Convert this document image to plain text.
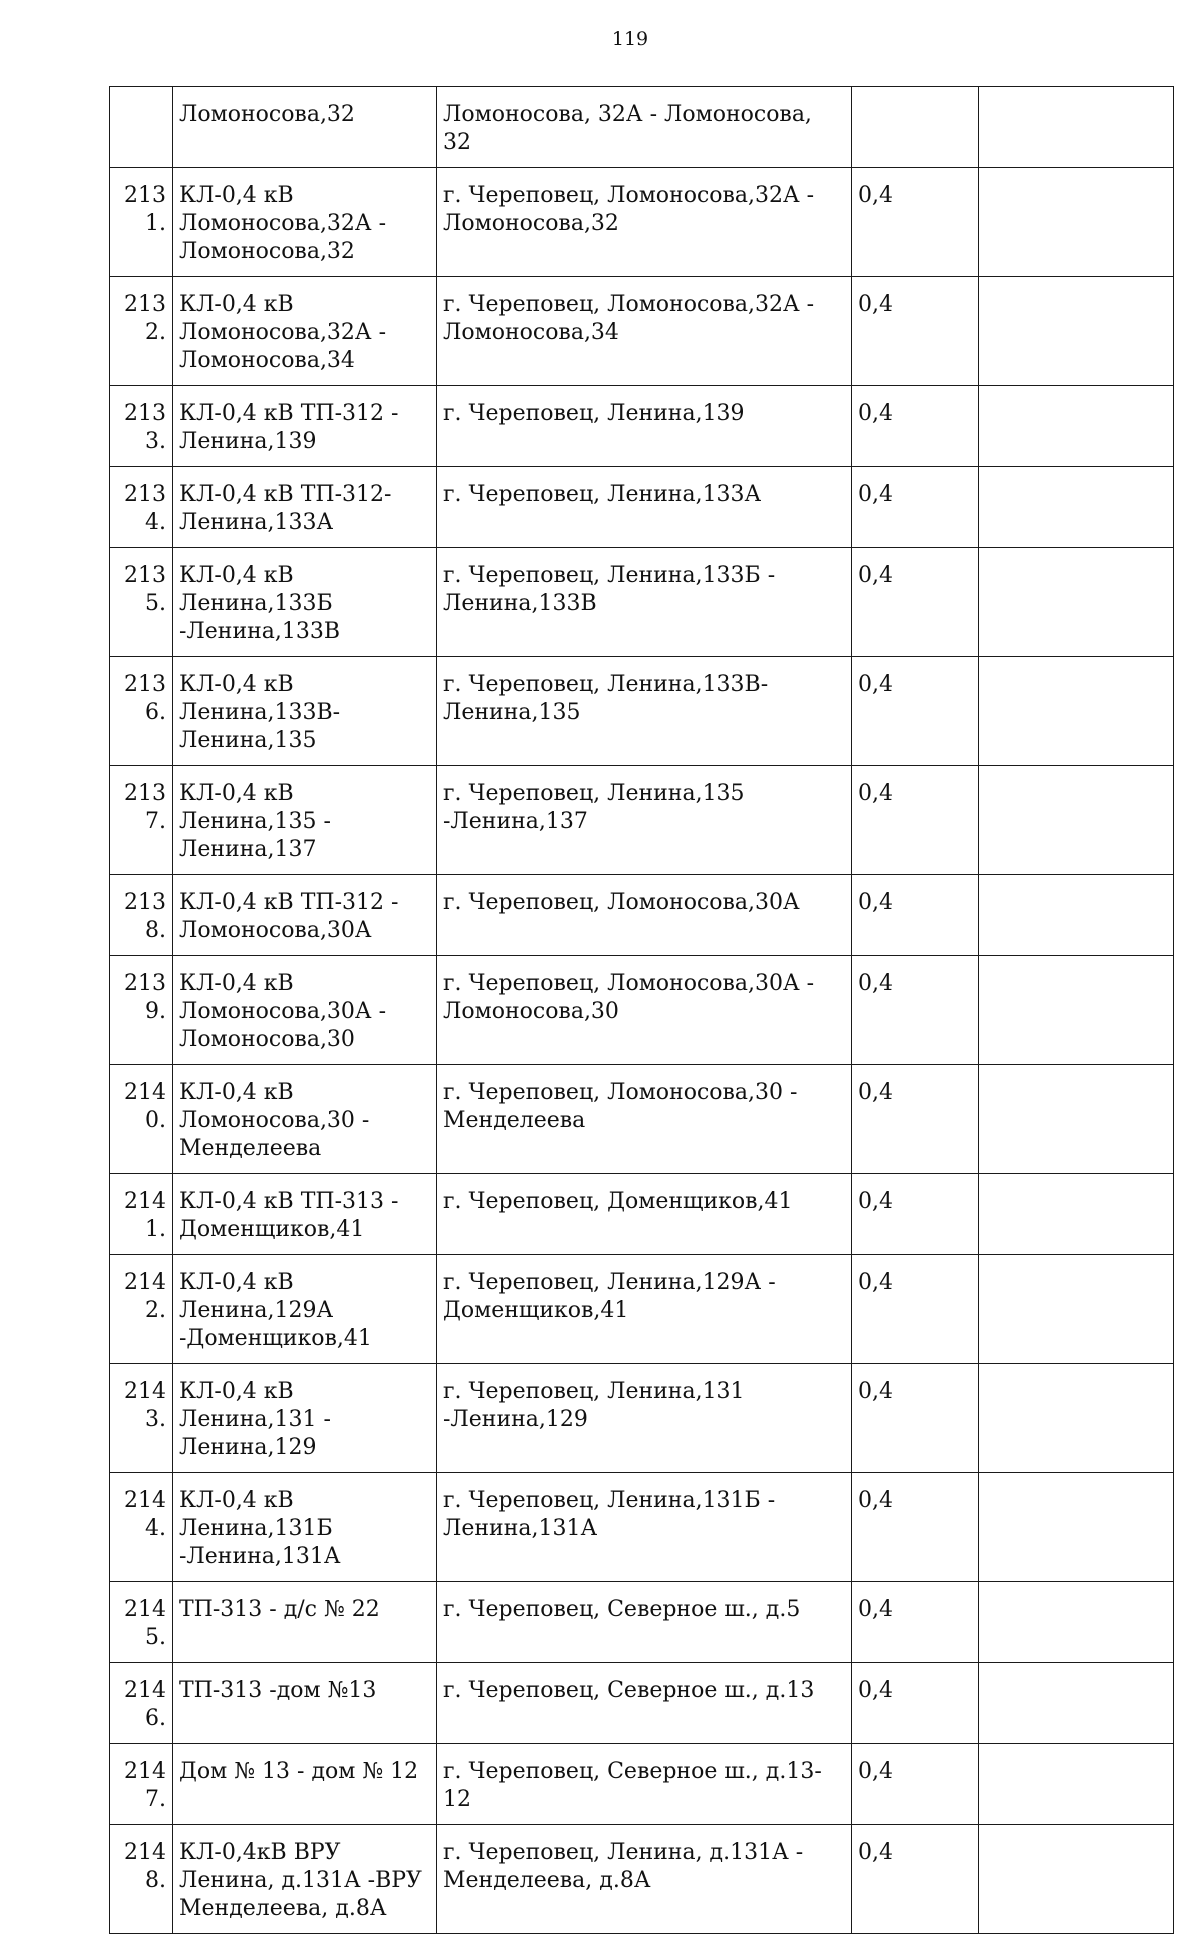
119
	Ломоносова,32	Ломоносова, 32А - Ломоносова, 32		
2131.	КЛ-0,4 кВ Ломоносова,32А - Ломоносова,32	г. Череповец, Ломоносова,32А - Ломоносова,32	0,4	
2132.	КЛ-0,4 кВ Ломоносова,32А - Ломоносова,34	г. Череповец, Ломоносова,32А - Ломоносова,34	0,4	
2133.	КЛ-0,4 кВ ТП-312 - Ленина,139	г. Череповец, Ленина,139	0,4	
2134.	КЛ-0,4 кВ ТП-312- Ленина,133А	г. Череповец, Ленина,133А	0,4	
2135.	КЛ-0,4 кВ Ленина,133Б -Ленина,133В	г. Череповец, Ленина,133Б - Ленина,133В	0,4	
2136.	КЛ-0,4 кВ Ленина,133В- Ленина,135	г. Череповец, Ленина,133В- Ленина,135	0,4	
2137.	КЛ-0,4 кВ Ленина,135 - Ленина,137	г. Череповец, Ленина,135 -Ленина,137	0,4	
2138.	КЛ-0,4 кВ ТП-312 - Ломоносова,30А	г. Череповец, Ломоносова,30А	0,4	
2139.	КЛ-0,4 кВ Ломоносова,30А - Ломоносова,30	г. Череповец, Ломоносова,30А - Ломоносова,30	0,4	
2140.	КЛ-0,4 кВ Ломоносова,30 - Менделеева	г. Череповец, Ломоносова,30 - Менделеева	0,4	
2141.	КЛ-0,4 кВ ТП-313 - Доменщиков,41	г. Череповец, Доменщиков,41	0,4	
2142.	КЛ-0,4 кВ Ленина,129А -Доменщиков,41	г. Череповец, Ленина,129А - Доменщиков,41	0,4	
2143.	КЛ-0,4 кВ Ленина,131 - Ленина,129	г. Череповец, Ленина,131 -Ленина,129	0,4	
2144.	КЛ-0,4 кВ Ленина,131Б -Ленина,131А	г. Череповец, Ленина,131Б - Ленина,131А	0,4	
2145.	ТП-313 - д/с № 22	г. Череповец, Северное ш., д.5	0,4	
2146.	ТП-313 -дом №13	г. Череповец, Северное ш., д.13	0,4	
2147.	Дом № 13 - дом № 12	г. Череповец, Северное ш., д.13-12	0,4	
2148.	КЛ-0,4кВ ВРУ Ленина, д.131А -ВРУ Менделеева, д.8А	г. Череповец, Ленина, д.131А - Менделеева, д.8А	0,4	
